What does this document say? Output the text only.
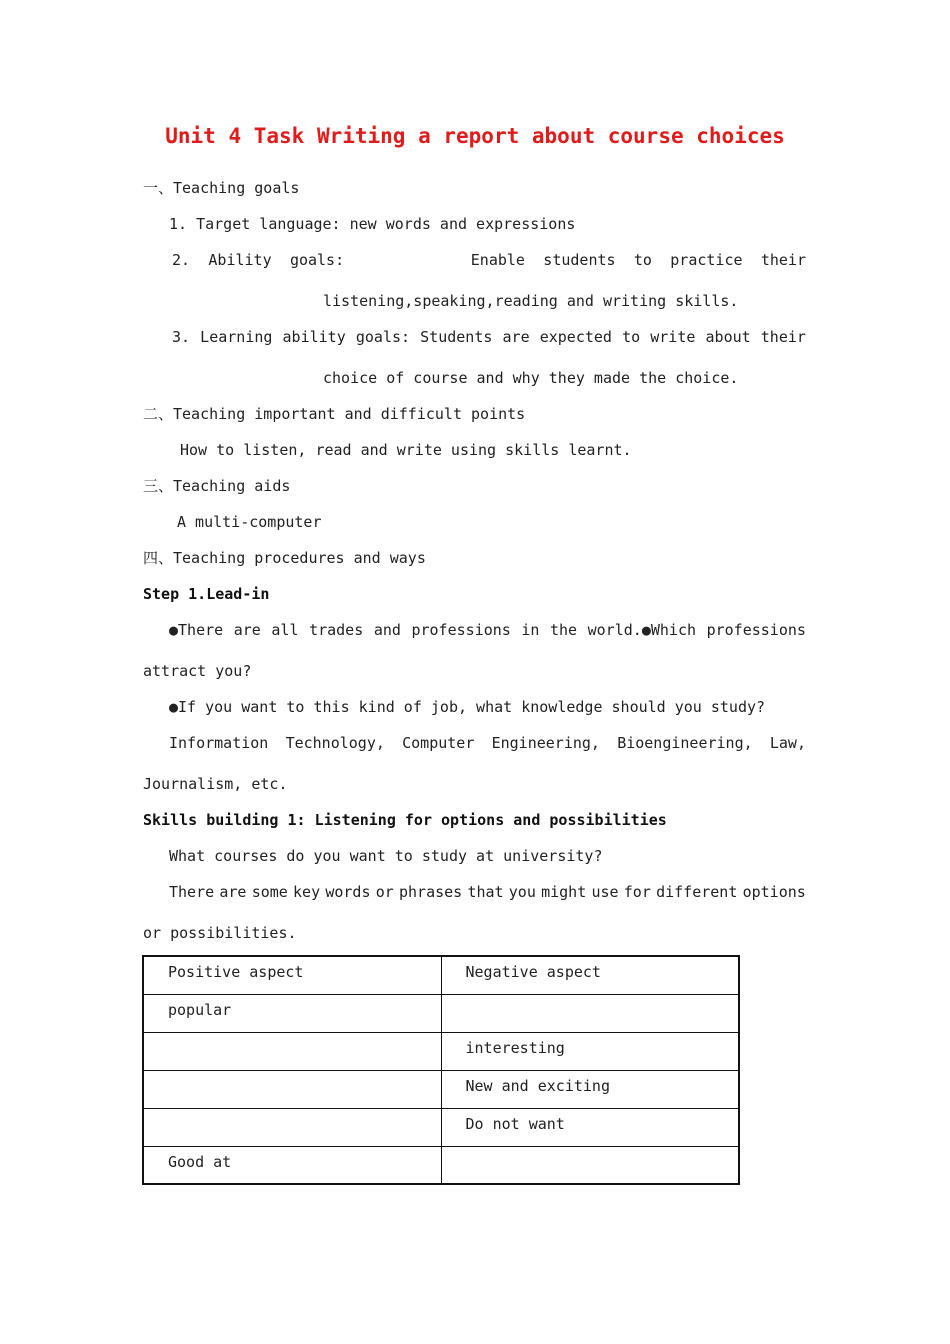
Unit 4 Task Writing a report about course choices
一、Teaching goals
1. Target language: new words and expressions
2. Ability goals:	Enable students to practice their
listening,speaking,reading and writing skills.
3. Learning ability goals: Students are expected to write about their
choice of course and why they made the choice.
二、Teaching important and difficult points
How to listen, read and write using skills learnt.
三、Teaching aids
A multi-computer
四、Teaching procedures and ways
Step 1.Lead-in
●There are all trades and professions in the world.●Which professions
attract you?
●If you want to this kind of job, what knowledge should you study?
Information Technology, Computer Engineering, Bioengineering, Law,
Journalism, etc.
Skills building 1: Listening for options and possibilities
What courses do you want to study at university?
There are some key words or phrases that you might use for different options
or possibilities.
Positive aspect	Negative aspect
popular	
	interesting
	New and exciting
	Do not want
Good at	
